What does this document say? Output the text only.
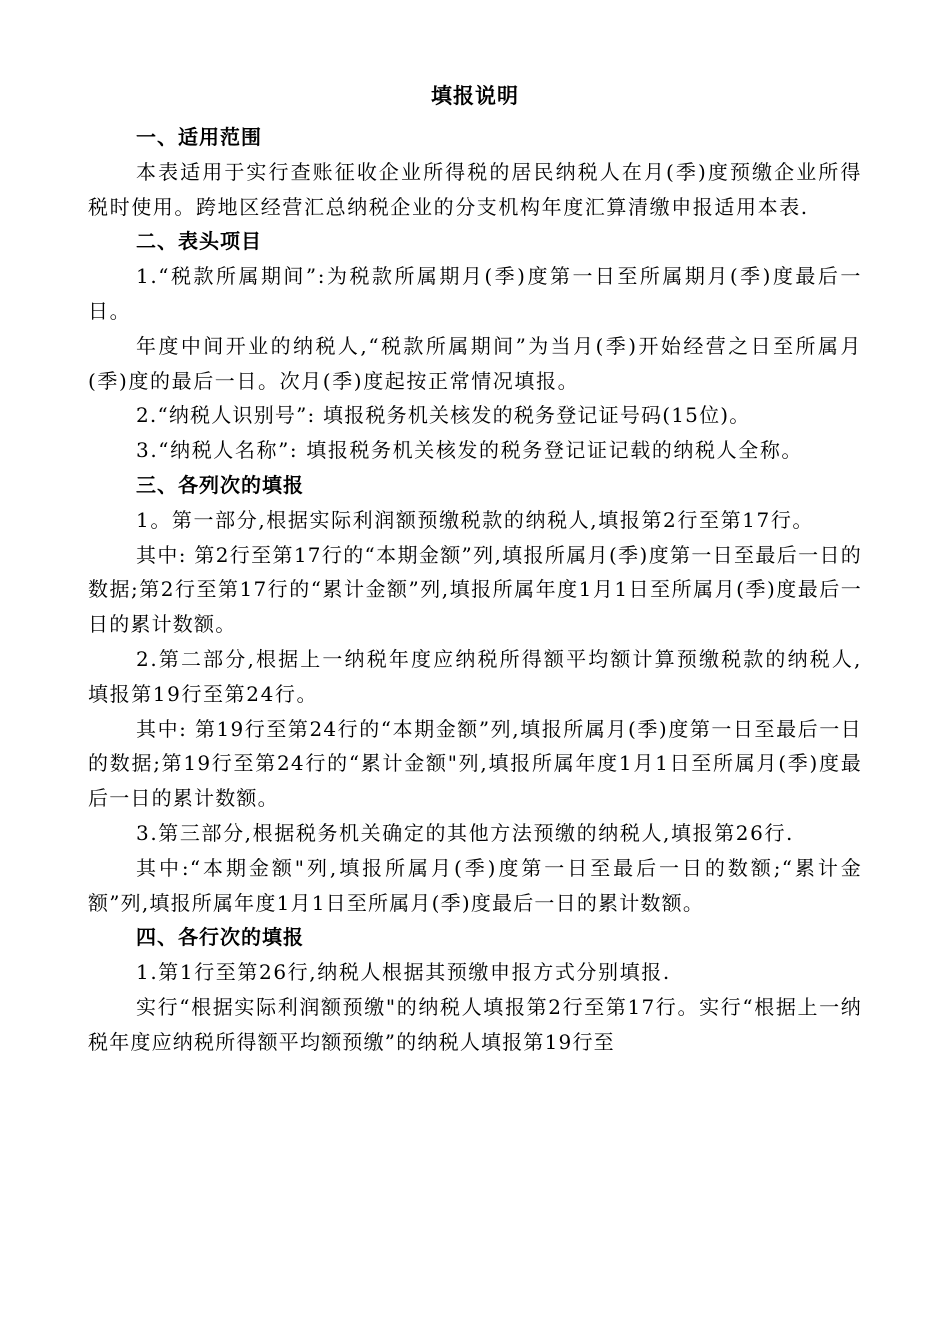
填报说明
一、适用范围
本表适用于实行查账征收企业所得税的居民纳税人在月(季)度预缴企业所得税时使用。跨地区经营汇总纳税企业的分支机构年度汇算清缴申报适用本表.
二、表头项目
1.“税款所属期间”:为税款所属期月(季)度第一日至所属期月(季)度最后一日。
年度中间开业的纳税人,“税款所属期间”为当月(季)开始经营之日至所属月(季)度的最后一日。次月(季)度起按正常情况填报。
2.“纳税人识别号”: 填报税务机关核发的税务登记证号码(15位)。
3.“纳税人名称”: 填报税务机关核发的税务登记证记载的纳税人全称。
三、各列次的填报
1。第一部分,根据实际利润额预缴税款的纳税人,填报第2行至第17行。
其中: 第2行至第17行的“本期金额”列,填报所属月(季)度第一日至最后一日的数据;第2行至第17行的“累计金额”列,填报所属年度1月1日至所属月(季)度最后一日的累计数额。
2.第二部分,根据上一纳税年度应纳税所得额平均额计算预缴税款的纳税人,填报第19行至第24行。
其中: 第19行至第24行的“本期金额”列,填报所属月(季)度第一日至最后一日的数据;第19行至第24行的“累计金额"列,填报所属年度1月1日至所属月(季)度最后一日的累计数额。
3.第三部分,根据税务机关确定的其他方法预缴的纳税人,填报第26行.
其中:“本期金额"列,填报所属月(季)度第一日至最后一日的数额;“累计金额”列,填报所属年度1月1日至所属月(季)度最后一日的累计数额。
四、各行次的填报
1.第1行至第26行,纳税人根据其预缴申报方式分别填报.
实行“根据实际利润额预缴"的纳税人填报第2行至第17行。实行“根据上一纳税年度应纳税所得额平均额预缴”的纳税人填报第19行至
